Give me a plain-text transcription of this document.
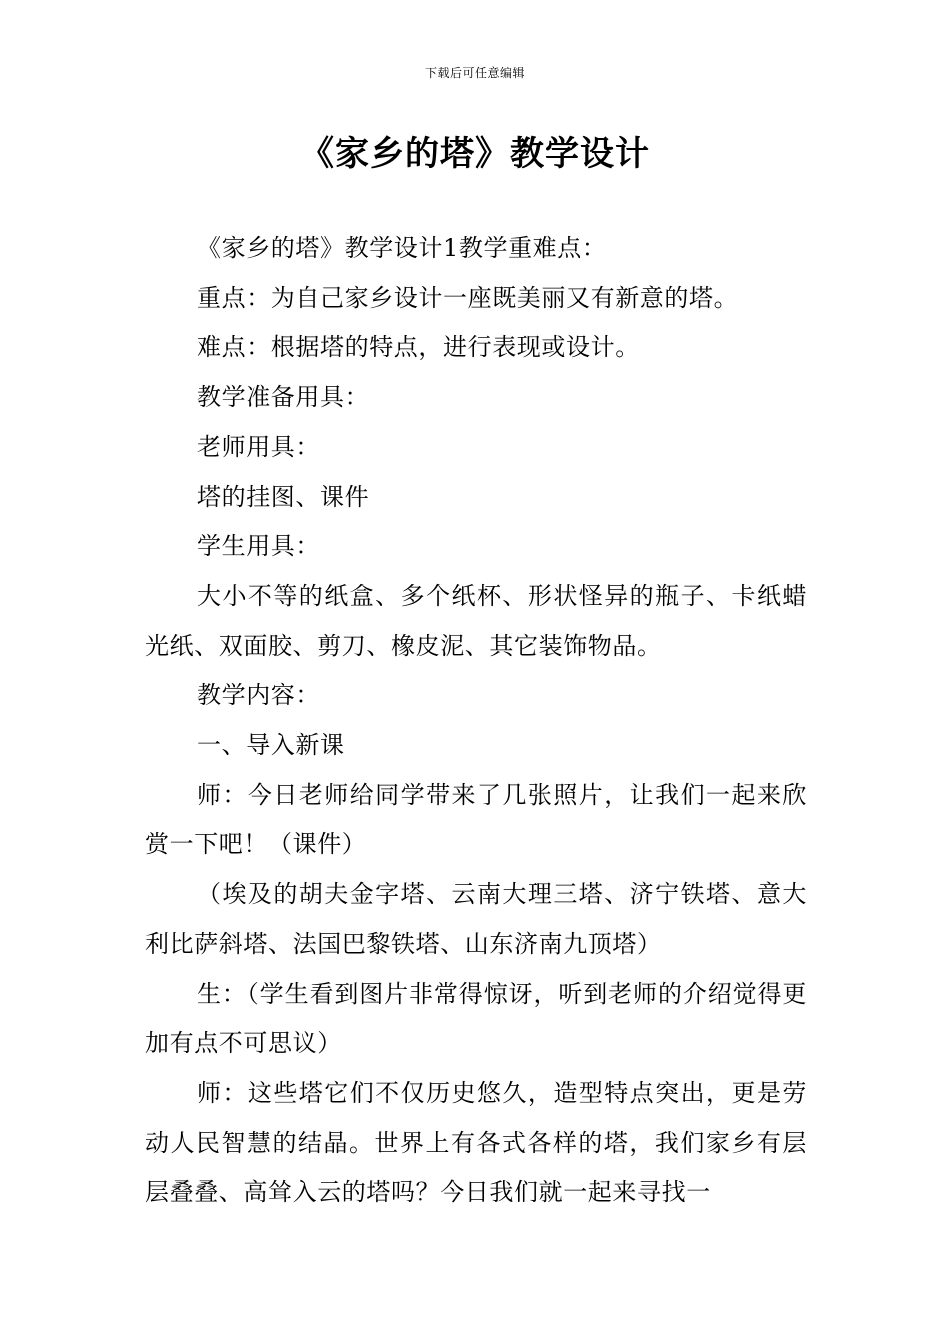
下载后可任意编辑
《家乡的塔》教学设计

《家乡的塔》教学设计1教学重难点：

重点：为自己家乡设计一座既美丽又有新意的塔。

难点：根据塔的特点，进行表现或设计。

教学准备用具：

老师用具：

塔的挂图、课件

学生用具：

大小不等的纸盒、多个纸杯、形状怪异的瓶子、卡纸蜡光纸、双面胶、剪刀、橡皮泥、其它装饰物品。

教学内容：

一、导入新课

师：今日老师给同学带来了几张照片，让我们一起来欣赏一下吧！（课件）

（埃及的胡夫金字塔、云南大理三塔、济宁铁塔、意大利比萨斜塔、法国巴黎铁塔、山东济南九顶塔）

生：（学生看到图片非常得惊讶，听到老师的介绍觉得更加有点不可思议）

师：这些塔它们不仅历史悠久，造型特点突出，更是劳动人民智慧的结晶。世界上有各式各样的塔，我们家乡有层层叠叠、高耸入云的塔吗？今日我们就一起来寻找一
